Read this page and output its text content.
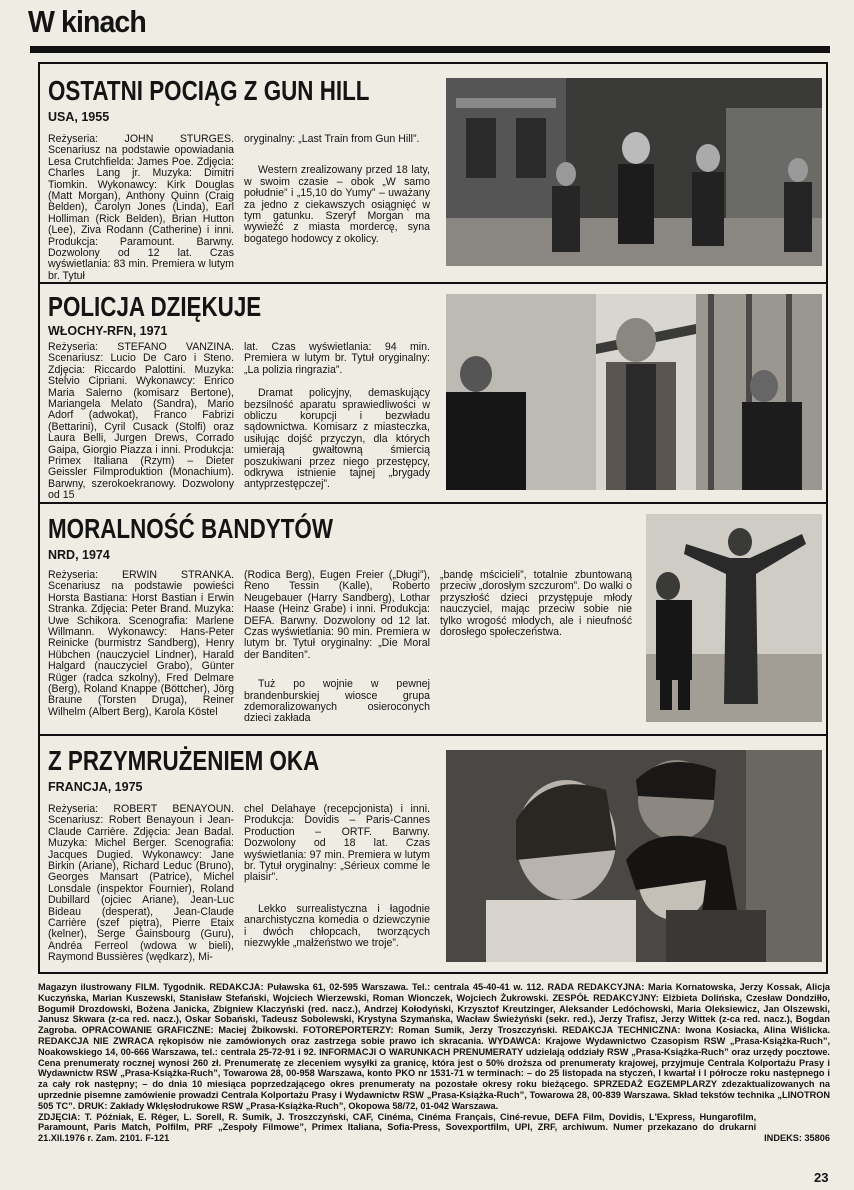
W kinach
OSTATNI POCIĄG Z GUN HILL
USA, 1955

Reżyseria: JOHN STURGES. Scenariusz na podstawie opowiadania Lesa Crutchfielda: James Poe. Zdjęcia: Charles Lang jr. Muzyka: Dimitri Tiomkin. Wykonawcy: Kirk Douglas (Matt Morgan), Anthony Quinn (Craig Belden), Carolyn Jones (Linda), Earl Holliman (Rick Belden), Brian Hutton (Lee), Ziva Rodann (Catherine) i inni. Produkcja: Paramount. Barwny. Dozwolony od 12 lat. Czas wyświetlania: 83 min. Premiera w lutym br. Tytuł

oryginalny: „Last Train from Gun Hill”.

Western zrealizowany przed 18 laty, w swoim czasie – obok „W samo południe” i „15,10 do Yumy” – uważany za jedno z ciekawszych osiągnięć w tym gatunku. Szeryf Morgan ma wywieźć z miasta mordercę, syna bogatego hodowcy z okolicy.

POLICJA DZIĘKUJE
WŁOCHY-RFN, 1971

Reżyseria: STEFANO VANZINA. Scenariusz: Lucio De Caro i Steno. Zdjęcia: Riccardo Palottini. Muzyka: Stelvio Cipriani. Wykonawcy: Enrico Maria Salerno (komisarz Bertone), Mariangela Melato (Sandra), Mario Adorf (adwokat), Franco Fabrizi (Bettarini), Cyril Cusack (Stolfi) oraz Laura Belli, Jurgen Drews, Corrado Gaipa, Giorgio Piazza i inni. Produkcja: Primex Italiana (Rzym) – Dieter Geissler Filmproduktion (Monachium). Barwny, szerokoekranowy. Dozwolony od 15

lat. Czas wyświetlania: 94 min. Premiera w lutym br. Tytuł oryginalny: „La polizia ringrazia”.

Dramat policyjny, demaskujący bezsilność aparatu sprawiedliwości w obliczu korupcji i bezwładu sądownictwa. Komisarz z miasteczka, usiłując dojść przyczyn, dla których umierają gwałtowną śmiercią poszukiwani przez niego przestępcy, odkrywa istnienie tajnej „brygady antyprzestępczej”.

MORALNOŚĆ BANDYTÓW
NRD, 1974

Reżyseria: ERWIN STRANKA. Scenariusz na podstawie powieści Horsta Bastiana: Horst Bastian i Erwin Stranka. Zdjęcia: Peter Brand. Muzyka: Uwe Schikora. Scenografia: Marlene Willmann. Wykonawcy: Hans-Peter Reinicke (burmistrz Sandberg), Henry Hübchen (nauczyciel Lindner), Harald Halgard (nauczyciel Grabo), Günter Rüger (radca szkolny), Fred Delmare (Berg), Roland Knappe (Böttcher), Jörg Braune (Torsten Druga), Reiner Wilhelm (Albert Berg), Karola Köstel

(Rodica Berg), Eugen Freier („Długi”), Reno Tessin (Kalle), Roberto Neugebauer (Harry Sandberg), Lothar Haase (Heinz Grabe) i inni. Produkcja: DEFA. Barwny. Dozwolony od 12 lat. Czas wyświetlania: 90 min. Premiera w lutym br. Tytuł oryginalny: „Die Moral der Banditen”.

Tuż po wojnie w pewnej brandenburskiej wiosce grupa zdemoralizowanych osieroconych dzieci zakłada

„bandę mścicieli”, totalnie zbuntowaną przeciw „dorosłym szczurom”. Do walki o przyszłość dzieci przystępuje młody nauczyciel, mając przeciw sobie nie tylko wrogość młodych, ale i nieufność dorosłego społeczeństwa.

Z PRZYMRUŻENIEM OKA
FRANCJA, 1975

Reżyseria: ROBERT BENAYOUN. Scenariusz: Robert Benayoun i Jean-Claude Carrière. Zdjęcia: Jean Badal. Muzyka: Michel Berger. Scenografia: Jacques Dugied. Wykonawcy: Jane Birkin (Ariane), Richard Leduc (Bruno), Georges Mansart (Patrice), Michel Lonsdale (inspektor Fournier), Roland Dubillard (ojciec Ariane), Jean-Luc Bideau (desperat), Jean-Claude Carrière (szef piętra), Pierre Etaix (kelner), Serge Gainsbourg (Guru), Andréa Ferreol (wdowa w bieli), Raymond Bussières (wędkarz), Mi-

chel Delahaye (recepcjonista) i inni. Produkcja: Dovidis – Paris-Cannes Production – ORTF. Barwny. Dozwolony od 18 lat. Czas wyświetlania: 97 min. Premiera w lutym br. Tytuł oryginalny: „Sérieux comme le plaisir”.

Lekko surrealistyczna i łagodnie anarchistyczna komedia o dziewczynie i dwóch chłopcach, tworzących niezwykłe „małżeństwo we troje”.

Magazyn ilustrowany FILM. Tygodnik. REDAKCJA: Puławska 61, 02-595 Warszawa. Tel.: centrala 45-40-41 w. 112. RADA REDAKCYJNA: Maria Kornatowska, Jerzy Kossak, Alicja Kuczyńska, Marian Kuszewski, Stanisław Stefański, Wojciech Wierzewski, Roman Wionczek, Wojciech Żukrowski. ZESPÓŁ REDAKCYJNY: Elżbieta Dolińska, Czesław Dondziłło, Bogumił Drozdowski, Bożena Janicka, Zbigniew Klaczyński (red. nacz.), Andrzej Kołodyński, Krzysztof Kreutzinger, Aleksander Ledóchowski, Maria Oleksiewicz, Jan Olszewski, Janusz Skwara (z-ca red. nacz.), Oskar Sobański, Tadeusz Sobolewski, Krystyna Szymańska, Wacław Świeżyński (sekr. red.), Jerzy Trafisz, Jerzy Wittek (z-ca red. nacz.), Bogdan Zagroba. OPRACOWANIE GRAFICZNE: Maciej Żbikowski. FOTOREPORTERZY: Roman Sumik, Jerzy Troszczyński. REDAKCJA TECHNICZNA: Iwona Kosiacka, Alina Wiślicka. REDAKCJA NIE ZWRACA rękopisów nie zamówionych oraz zastrzega sobie prawo ich skracania. WYDAWCA: Krajowe Wydawnictwo Czasopism RSW „Prasa-Książka-Ruch”, Noakowskiego 14, 00-666 Warszawa, tel.: centrala 25-72-91 i 92. INFORMACJI O WARUNKACH PRENUMERATY udzielają oddziały RSW „Prasa-Książka-Ruch” oraz urzędy pocztowe. Cena prenumeraty rocznej wynosi 260 zł. Prenumeratę ze zleceniem wysyłki za granicę, która jest o 50% droższa od prenumeraty krajowej, przyjmuje Centrala Kolportażu Prasy i Wydawnictw RSW „Prasa-Książka-Ruch”, Towarowa 28, 00-958 Warszawa, konto PKO nr 1531-71 w terminach: – do 25 listopada na styczeń, I kwartał i I półrocze roku następnego i za cały rok następny; – do dnia 10 miesiąca poprzedzającego okres prenumeraty na pozostałe okresy roku bieżącego. SPRZEDAŻ EGZEMPLARZY zdezaktualizowanych na uprzednie pisemne zamówienie prowadzi Centrala Kolportażu Prasy i Wydawnictw RSW „Prasa-Książka-Ruch”, Towarowa 28, 00-839 Warszawa. Skład tekstów technika „LINOTRON 505 TC”. DRUK: Zakłady Wklęsłodrukowe RSW „Prasa-Książka-Ruch”, Okopowa 58/72, 01-042 Warszawa.
ZDJĘCIA: T. Późniak, E. Réger, L. Sorell, R. Sumik, J. Troszczyński, CAF, Cinéma, Cinéma Français, Ciné-revue, DEFA Film, Dovidis, L'Express, Hungarofilm, Paramount, Paris Match, Polfilm, PRF „Zespoły Filmowe”, Primex Italiana, Sofia-Press, Sovexportfilm, UPI, ZRF, archiwum. Numer przekazano do drukarni 21.XII.1976 r. Zam. 2101. F-121	INDEKS: 35806
23
